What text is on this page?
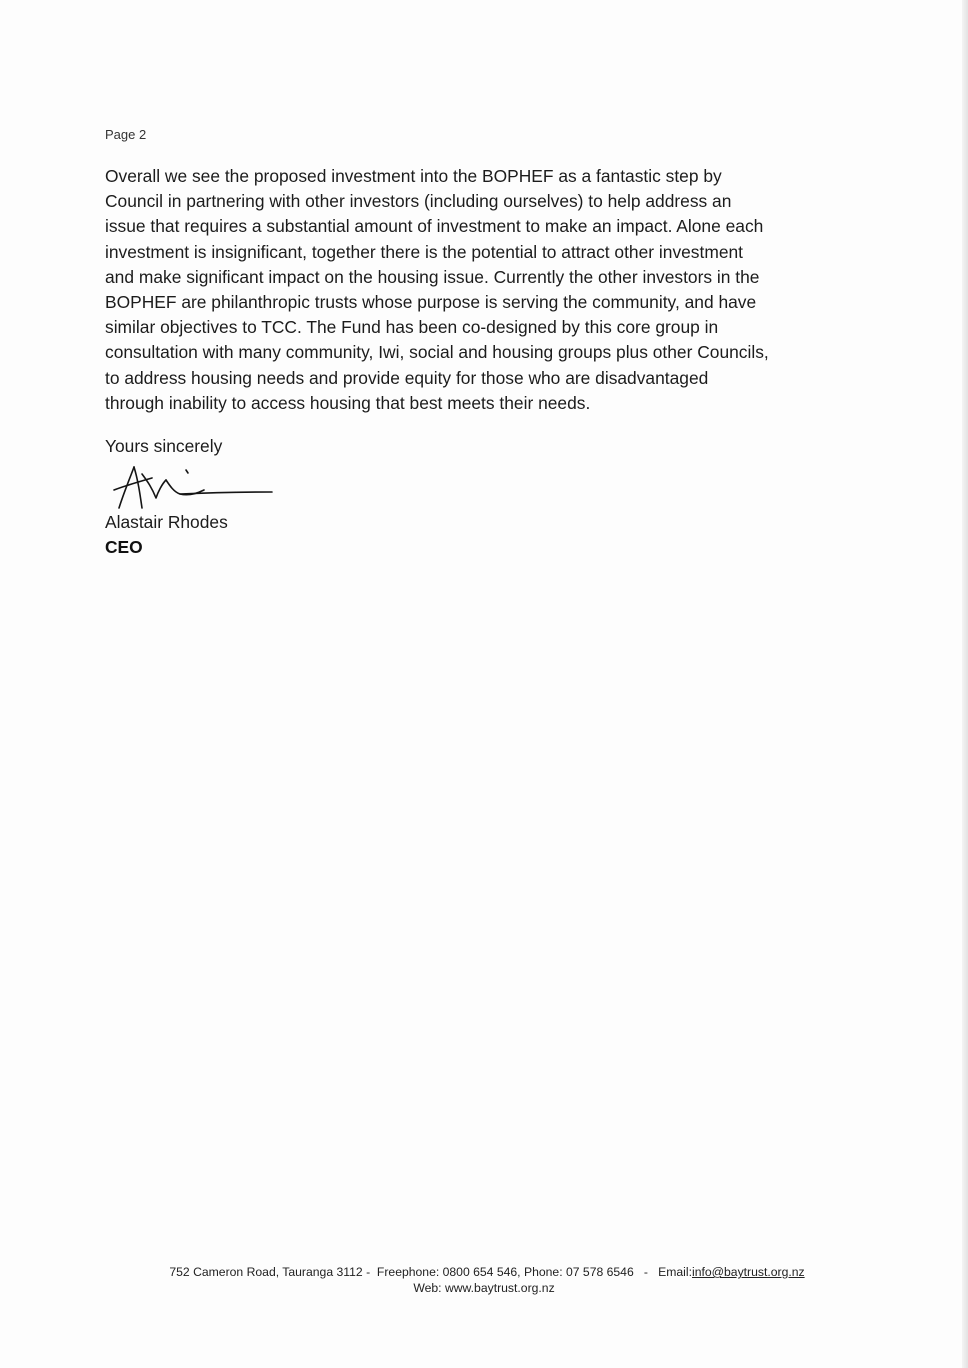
Page 2
Overall we see the proposed investment into the BOPHEF as a fantastic step by
Council in partnering with other investors (including ourselves) to help address an
issue that requires a substantial amount of investment to make an impact. Alone each
investment is insignificant, together there is the potential to attract other investment
and make significant impact on the housing issue. Currently the other investors in the
BOPHEF are philanthropic trusts whose purpose is serving the community, and have
similar objectives to TCC. The Fund has been co-designed by this core group in
consultation with many community, Iwi, social and housing groups plus other Councils,
to address housing needs and provide equity for those who are disadvantaged
through inability to access housing that best meets their needs.
Yours sincerely
Alastair Rhodes
CEO
752 Cameron Road, Tauranga 3112 -  Freephone: 0800 654 546, Phone: 07 578 6546   -   Email:info@baytrust.org.nz
Web: www.baytrust.org.nz
